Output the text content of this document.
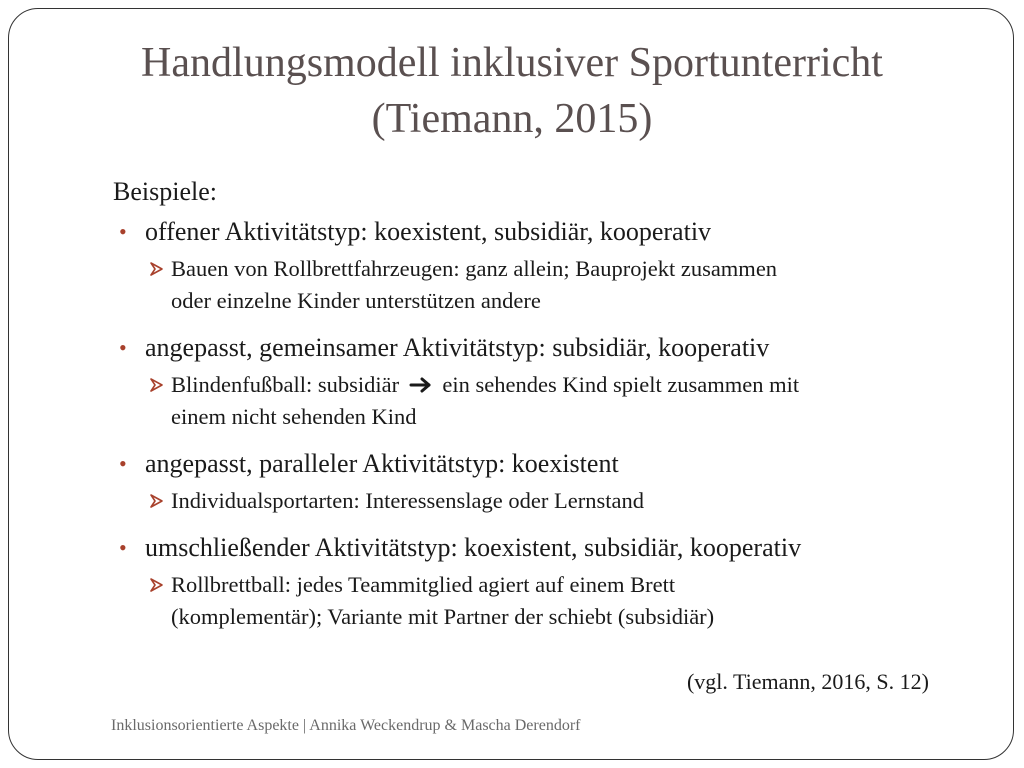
Handlungsmodell inklusiver Sportunterricht
(Tiemann, 2015)

Beispiele:

• offener Aktivitätstyp: koexistent, subsidiär, kooperativ
Bauen von Rollbrettfahrzeugen: ganz allein; Bauprojekt zusammen
oder einzelne Kinder unterstützen andere
• angepasst, gemeinsamer Aktivitätstyp: subsidiär, kooperativ
Blindenfußball: subsidiär ein sehendes Kind spielt zusammen mit
einem nicht sehenden Kind
• angepasst, paralleler Aktivitätstyp: koexistent
Individualsportarten: Interessenslage oder Lernstand
• umschließender Aktivitätstyp: koexistent, subsidiär, kooperativ
Rollbrettball: jedes Teammitglied agiert auf einem Brett
(komplementär); Variante mit Partner der schiebt (subsidiär)
(vgl. Tiemann, 2016, S. 12)
Inklusionsorientierte Aspekte | Annika Weckendrup & Mascha Derendorf
